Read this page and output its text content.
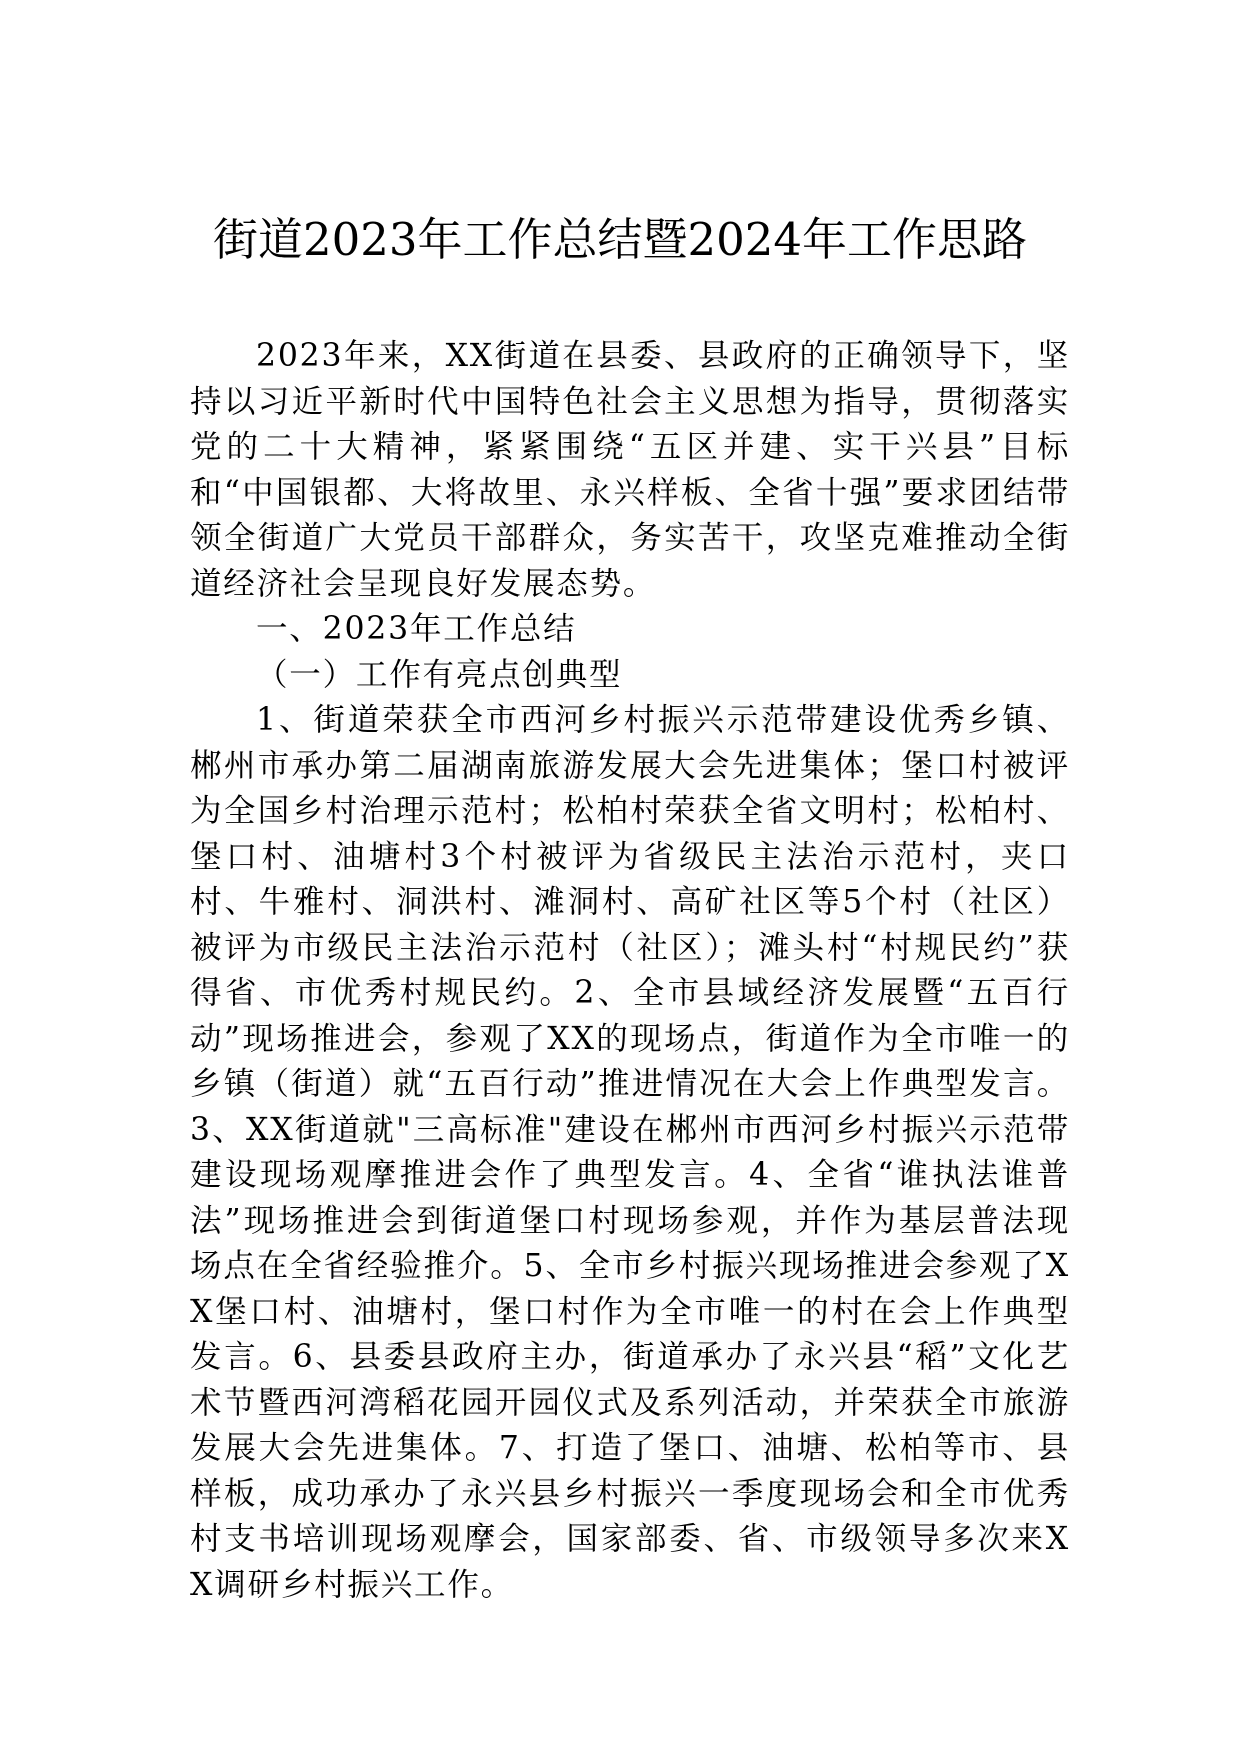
街道2023年工作总结暨2024年工作思路

2023年来，XX街道在县委、县政府的正确领导下，坚持以习近平新时代中国特色社会主义思想为指导，贯彻落实党的二十大精神，紧紧围绕“五区并建、实干兴县”目标和“中国银都、大将故里、永兴样板、全省十强”要求团结带领全街道广大党员干部群众，务实苦干，攻坚克难推动全街道经济社会呈现良好发展态势。

一、2023年工作总结

（一）工作有亮点创典型

1、街道荣获全市西河乡村振兴示范带建设优秀乡镇、郴州市承办第二届湖南旅游发展大会先进集体；堡口村被评为全国乡村治理示范村；松柏村荣获全省文明村；松柏村、堡口村、油塘村3个村被评为省级民主法治示范村，夹口村、牛雅村、洞洪村、滩洞村、高矿社区等5个村（社区）被评为市级民主法治示范村（社区）；滩头村“村规民约”获得省、市优秀村规民约。2、全市县域经济发展暨“五百行动”现场推进会，参观了XX的现场点，街道作为全市唯一的乡镇（街道）就“五百行动”推进情况在大会上作典型发言。3、XX街道就"三高标准"建设在郴州市西河乡村振兴示范带建设现场观摩推进会作了典型发言。4、全省“谁执法谁普法”现场推进会到街道堡口村现场参观，并作为基层普法现场点在全省经验推介。5、全市乡村振兴现场推进会参观了XX堡口村、油塘村，堡口村作为全市唯一的村在会上作典型发言。6、县委县政府主办，街道承办了永兴县“稻”文化艺术节暨西河湾稻花园开园仪式及系列活动，并荣获全市旅游发展大会先进集体。7、打造了堡口、油塘、松柏等市、县样板，成功承办了永兴县乡村振兴一季度现场会和全市优秀村支书培训现场观摩会，国家部委、省、市级领导多次来XX调研乡村振兴工作。
